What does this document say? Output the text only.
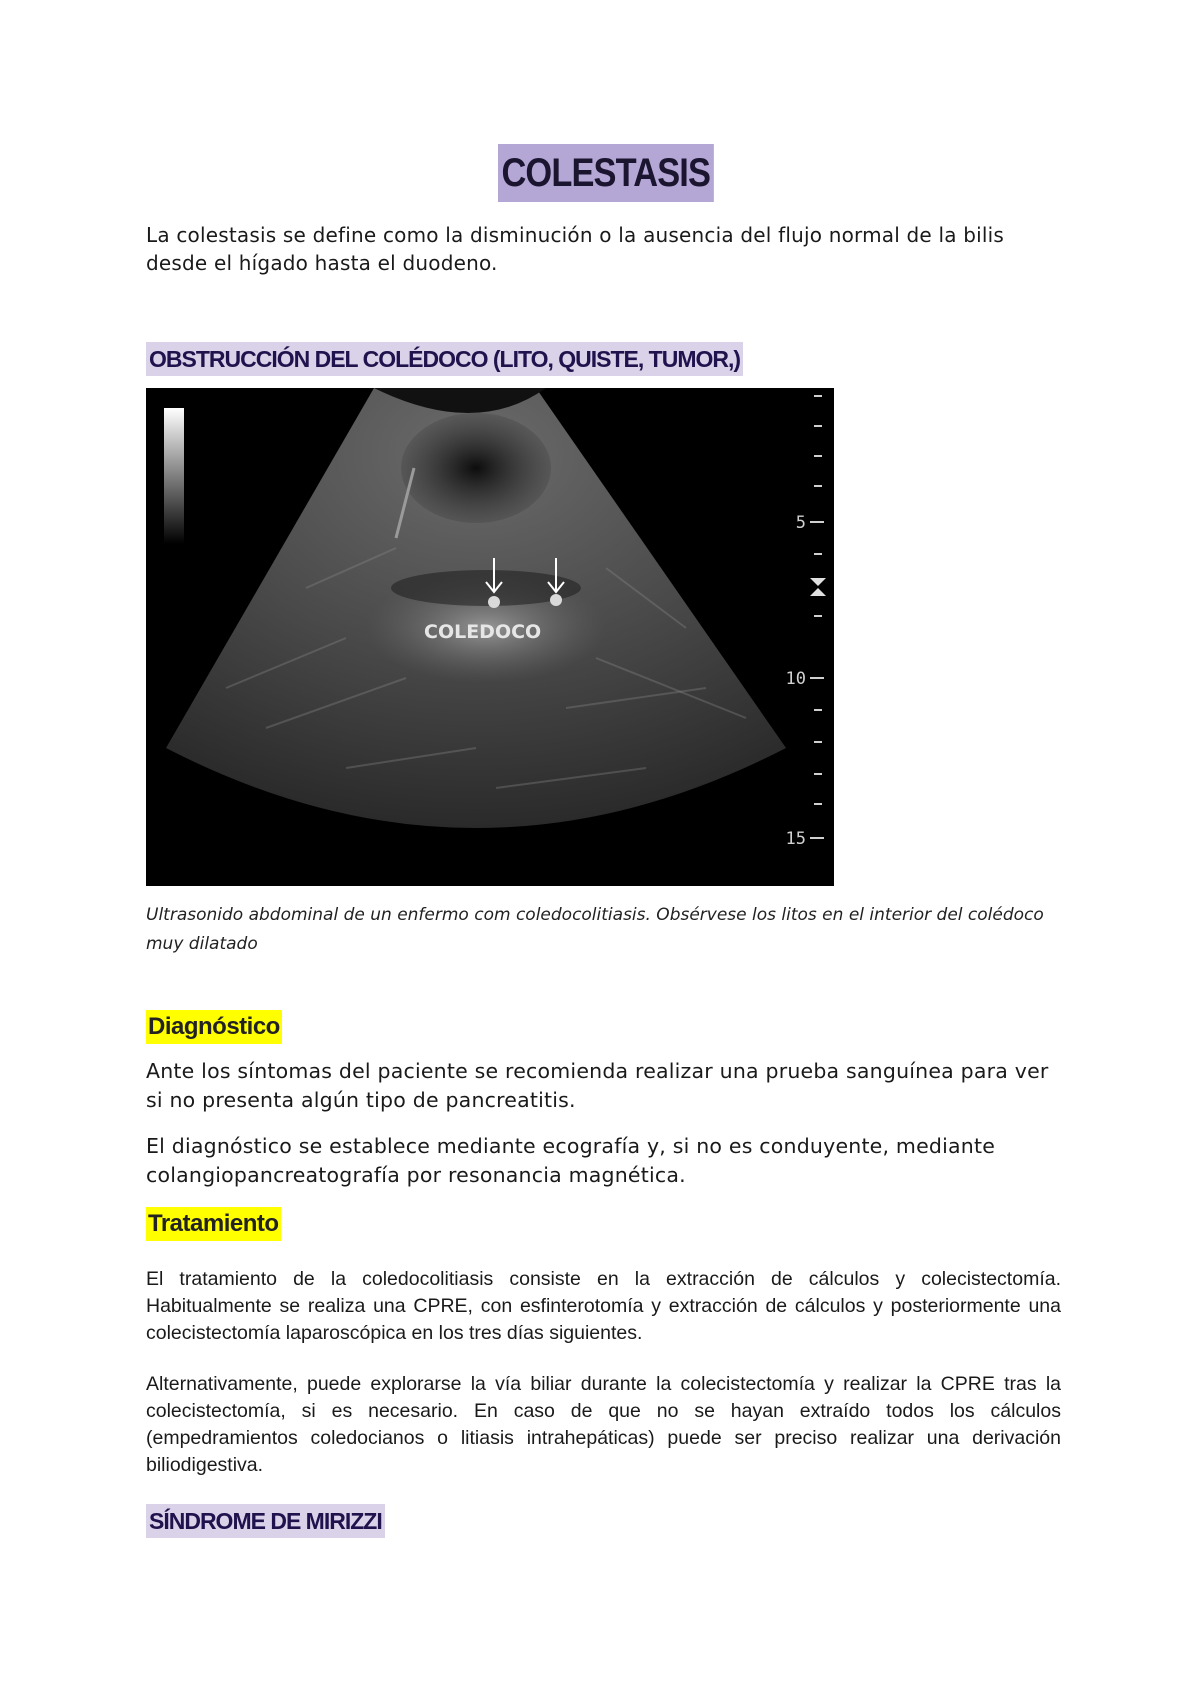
COLESTASIS

La colestasis se define como la disminución o la ausencia del flujo normal de la bilis desde el hígado hasta el duodeno.

OBSTRUCCIÓN DEL COLÉDOCO (LITO, QUISTE, TUMOR,)
COLEDOCO
5
10
15

Ultrasonido abdominal de un enfermo com coledocolitiasis. Obsérvese los litos en el interior del colédoco muy dilatado

Diagnóstico

Ante los síntomas del paciente se recomienda realizar una prueba sanguínea para ver si no presenta algún tipo de pancreatitis.

El diagnóstico se establece mediante ecografía y, si no es conduyente, mediante colangiopancreatografía por resonancia magnética.

Tratamiento

El tratamiento de la coledocolitiasis consiste en la extracción de cálculos y colecistectomía. Habitualmente se realiza una CPRE, con esfinterotomía y extracción de cálculos y posteriormente una colecistectomía laparoscópica en los tres días siguientes.

Alternativamente, puede explorarse la vía biliar durante la colecistectomía y realizar la CPRE tras la colecistectomía, si es necesario. En caso de que no se hayan extraído todos los cálculos (empedramientos coledocianos o litiasis intrahepáticas) puede ser preciso realizar una derivación biliodigestiva.

SÍNDROME DE MIRIZZI
